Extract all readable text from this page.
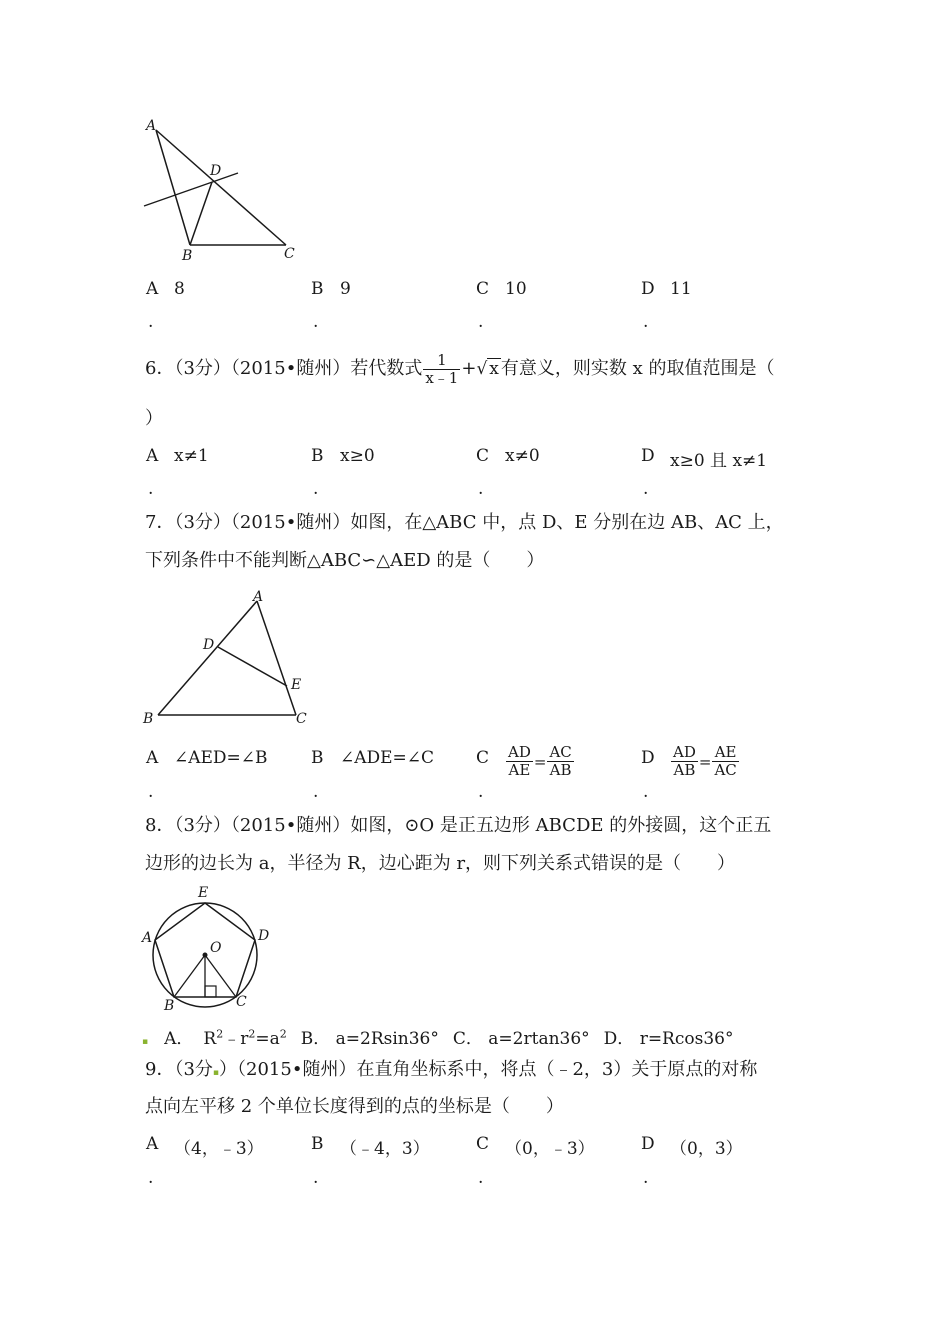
A
D
B	C
A 8
.
B 9
.
C 10
.
D 11
.
6．（3分）（2015•随州）若代数式 $\frac{1}{x﹣1}$ + √ x 有意义，则实数 x 的取值范围是（
）
A x≠1
.
B x≥0
.
C x≠0
.
D x≥0 且 x≠1
.
7．（3分）（2015•随州）如图，在△ABC 中，点 D、E 分别在边 AB、AC 上，
下列条件中不能判断△ABC∽△AED 的是（　　）
A
D
E
B	C
A ∠AED=∠B
.
B ∠ADE=∠C
.
C $\frac{AD}{AE} = \frac{AC}{AB}$
.
D $\frac{AD}{AB} = \frac{AE}{AC}$
.
8．（3分）（2015•随州）如图，⊙O 是正五边形 ABCDE 的外接圆，这个正五
边形的边长为 a，半径为 R，边心距为 r，则下列关系式错误的是（　　）
E
A	D
O
B	C
▪ A． $R^2﹣r^2=a^2$ B． a=2Rsin36° C． a=2rtan36° D． r=Rcos36°
9．（3分▪）（2015•随州）在直角坐标系中，将点（﹣2，3）关于原点的对称
点向左平移 2 个单位长度得到的点的坐标是（　　）
A （4，﹣3）
.
B （﹣4，3）
.
C （0，﹣3）
.
D （0，3）
.
